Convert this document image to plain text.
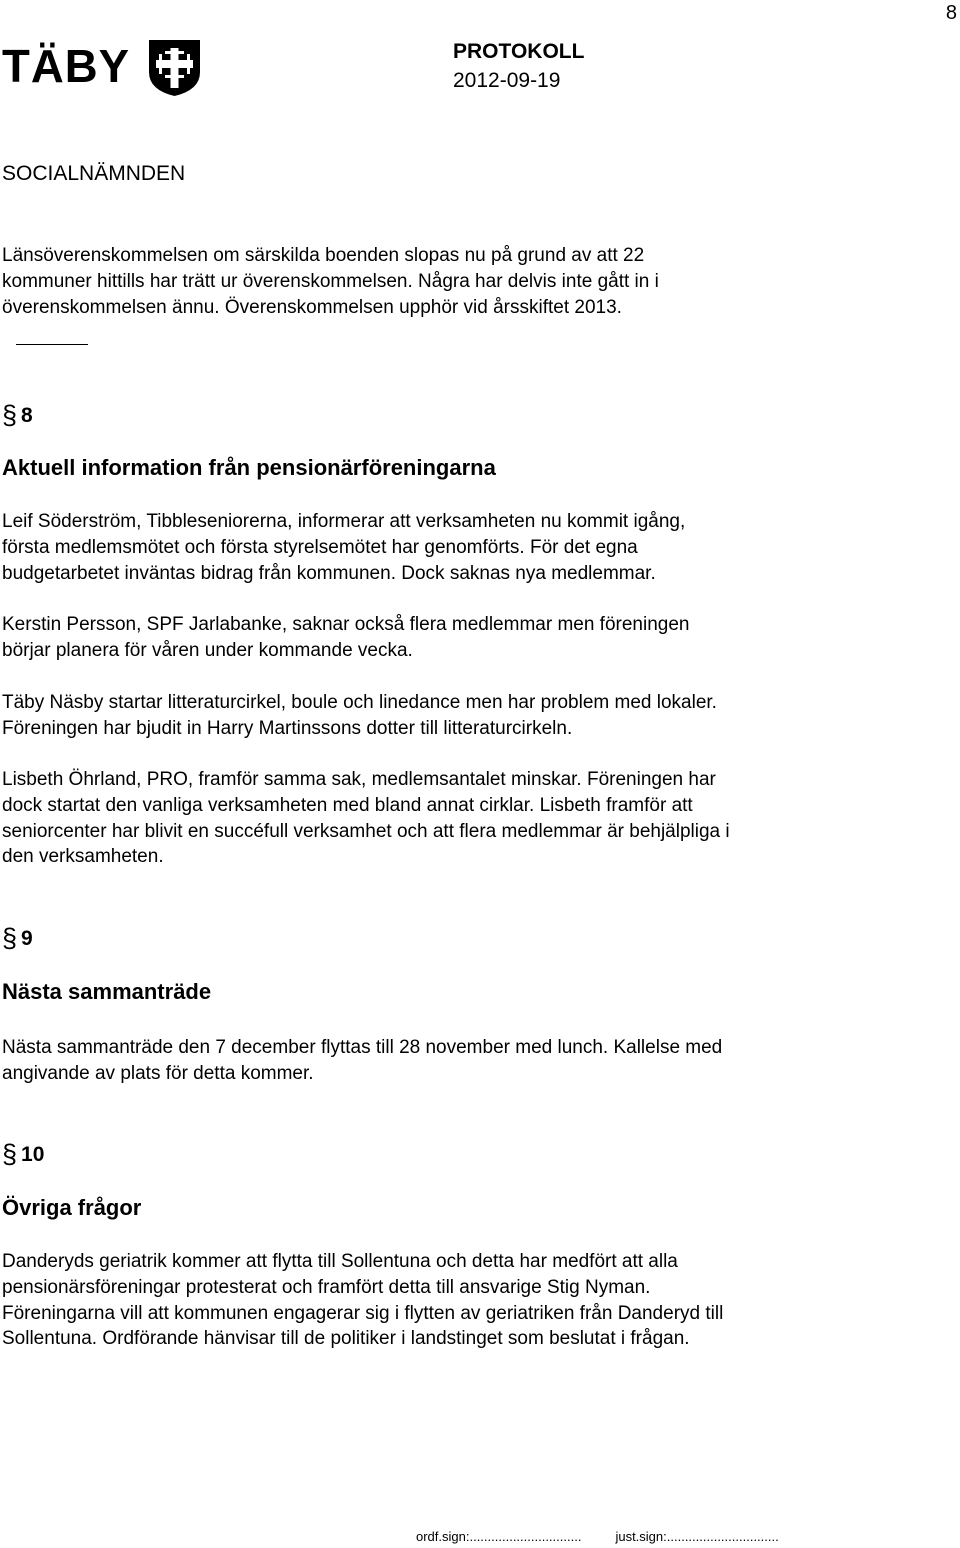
8
TÄBY	PROTOKOLL
2012-09-19
SOCIALNÄMNDEN

Länsöverenskommelsen om särskilda boenden slopas nu på grund av att 22
kommuner hittills har trätt ur överenskommelsen. Några har delvis inte gått in i
överenskommelsen ännu. Överenskommelsen upphör vid årsskiftet 2013.

§ 8
Aktuell information från pensionärföreningarna

Leif Söderström, Tibbleseniorerna, informerar att verksamheten nu kommit igång,
första medlemsmötet och första styrelsemötet har genomförts. För det egna
budgetarbetet inväntas bidrag från kommunen. Dock saknas nya medlemmar.

Kerstin Persson, SPF Jarlabanke, saknar också flera medlemmar men föreningen
börjar planera för våren under kommande vecka.

Täby Näsby startar litteraturcirkel, boule och linedance men har problem med lokaler.
Föreningen har bjudit in Harry Martinssons dotter till litteraturcirkeln.

Lisbeth Öhrland, PRO, framför samma sak, medlemsantalet minskar. Föreningen har
dock startat den vanliga verksamheten med bland annat cirklar. Lisbeth framför att
seniorcenter har blivit en succéfull verksamhet och att flera medlemmar är behjälpliga i
den verksamheten.

§ 9
Nästa sammanträde

Nästa sammanträde den 7 december flyttas till 28 november med lunch. Kallelse med
angivande av plats för detta kommer.

§ 10
Övriga frågor

Danderyds geriatrik kommer att flytta till Sollentuna och detta har medfört att alla
pensionärsföreningar protesterat och framfört detta till ansvarige Stig Nyman.
Föreningarna vill att kommunen engagerar sig i flytten av geriatriken från Danderyd till
Sollentuna. Ordförande hänvisar till de politiker i landstinget som beslutat i frågan.

ordf.sign:...............................	just.sign:...............................
